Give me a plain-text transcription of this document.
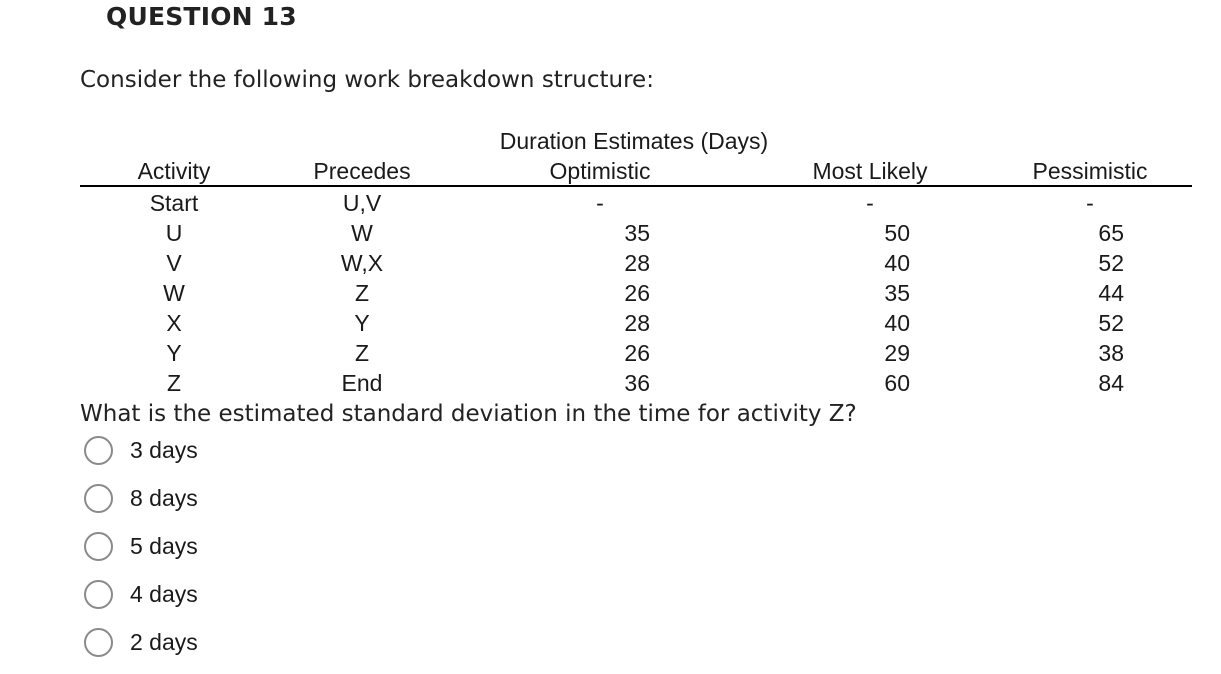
QUESTION 13
Consider the following work breakdown structure:
Duration Estimates (Days)
Activity	Precedes	Optimistic	Most Likely	Pessimistic
Start	U,V	-	-	-
U	W	35	50	65
V	W,X	28	40	52
W	Z	26	35	44
X	Y	28	40	52
Y	Z	26	29	38
Z	End	36	60	84
What is the estimated standard deviation in the time for activity Z?
3 days
8 days
5 days
4 days
2 days
